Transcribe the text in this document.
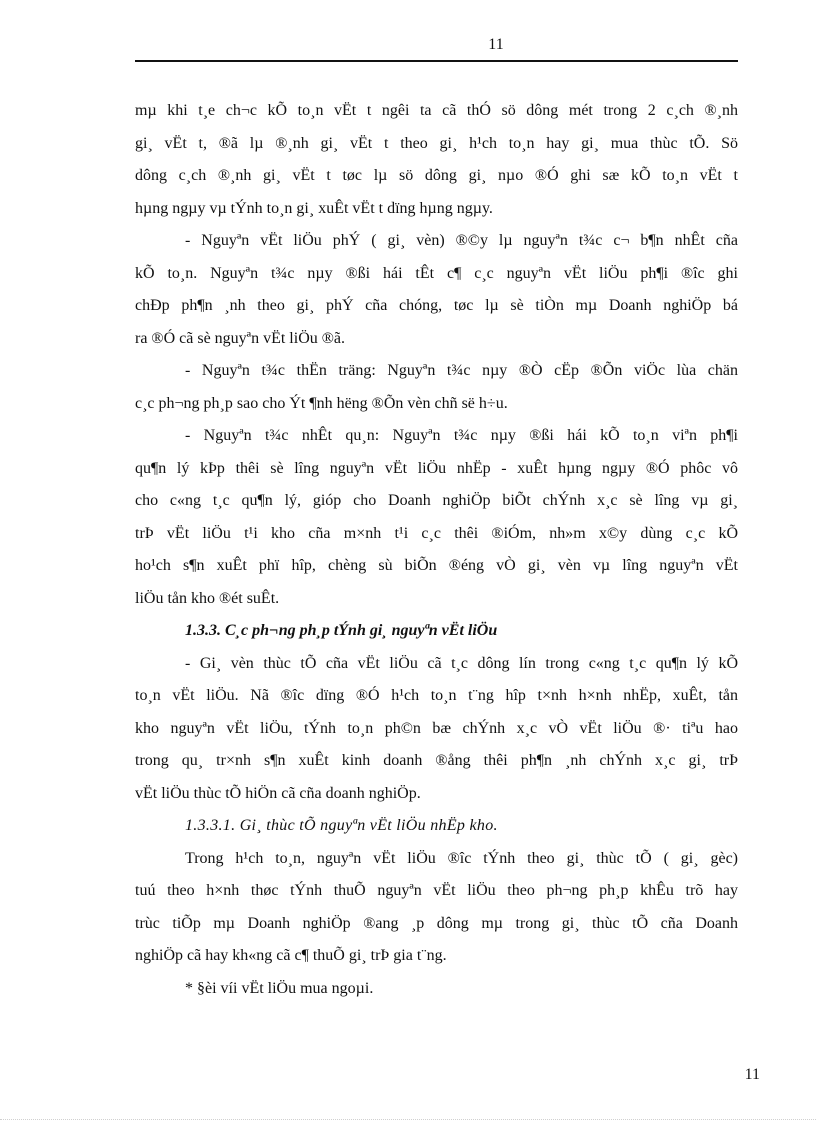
11
mµ khi t¸e ch¬c kÕ to¸n vËt t ngêi ta cã thÓ sö dông mét trong 2 c¸ch ®¸nh
gi¸ vËt t, ®ã lµ ®¸nh gi¸ vËt t theo gi¸ h¹ch to¸n hay gi¸ mua thùc tÕ. Sö
dông c¸ch ®¸nh gi¸ vËt t tøc lµ sö dông gi¸ nµo ®Ó ghi sæ kÕ to¸n vËt t
hµng ngµy vµ tÝnh to¸n gi¸ xuÊt vËt t dïng hµng ngµy.
- Nguyªn vËt liÖu phÝ ( gi¸ vèn) ®©y lµ nguyªn t¾c c¬ b¶n nhÊt cña
kÕ to¸n. Nguyªn t¾c nµy ®ßi hái tÊt c¶ c¸c nguyªn vËt liÖu ph¶i ®îc ghi
chÐp ph¶n ¸nh theo gi¸ phÝ cña chóng, tøc lµ sè tiÒn mµ Doanh nghiÖp bá
ra ®Ó cã sè nguyªn vËt liÖu ®ã.
- Nguyªn t¾c thËn träng: Nguyªn t¾c nµy ®Ò cËp ®Õn viÖc lùa chän
c¸c ph¬ng ph¸p sao cho Ýt ¶nh hëng ®Õn vèn chñ së h÷u.
- Nguyªn t¾c nhÊt qu¸n: Nguyªn t¾c nµy ®ßi hái kÕ to¸n viªn ph¶i
qu¶n lý kÞp thêi sè lîng nguyªn vËt liÖu nhËp - xuÊt hµng ngµy ®Ó phôc vô
cho c«ng t¸c qu¶n lý, gióp cho Doanh nghiÖp biÕt chÝnh x¸c sè lîng vµ gi¸
trÞ vËt liÖu t¹i kho cña m×nh t¹i c¸c thêi ®iÓm, nh»m x©y dùng c¸c kÕ
ho¹ch s¶n xuÊt phï hîp, chèng sù biÕn ®éng vÒ gi¸ vèn vµ lîng nguyªn vËt
liÖu tån kho ®ét suÊt.
1.3.3. C¸c ph¬ng ph¸p tÝnh gi¸ nguyªn vËt liÖu
- Gi¸ vèn thùc tÕ cña vËt liÖu cã t¸c dông lín trong c«ng t¸c qu¶n lý kÕ
to¸n vËt liÖu. Nã ®îc dïng ®Ó h¹ch to¸n t¨ng hîp t×nh h×nh nhËp, xuÊt, tån
kho nguyªn vËt liÖu, tÝnh to¸n ph©n bæ chÝnh x¸c vÒ vËt liÖu ®· tiªu hao
trong qu¸ tr×nh s¶n xuÊt kinh doanh ®ång thêi ph¶n ¸nh chÝnh x¸c gi¸ trÞ
vËt liÖu thùc tÕ hiÖn cã cña doanh nghiÖp.
1.3.3.1. Gi¸ thùc tÕ nguyªn vËt liÖu nhËp kho.
Trong h¹ch to¸n, nguyªn vËt liÖu ®îc tÝnh theo gi¸ thùc tÕ ( gi¸ gèc)
tuú theo h×nh thøc tÝnh thuÕ nguyªn vËt liÖu theo ph¬ng ph¸p khÊu trõ hay
trùc tiÕp mµ Doanh nghiÖp ®ang ¸p dông mµ trong gi¸ thùc tÕ cña Doanh
nghiÖp cã hay kh«ng cã c¶ thuÕ gi¸ trÞ gia t¨ng.
* §èi víi vËt liÖu mua ngoµi.
11
